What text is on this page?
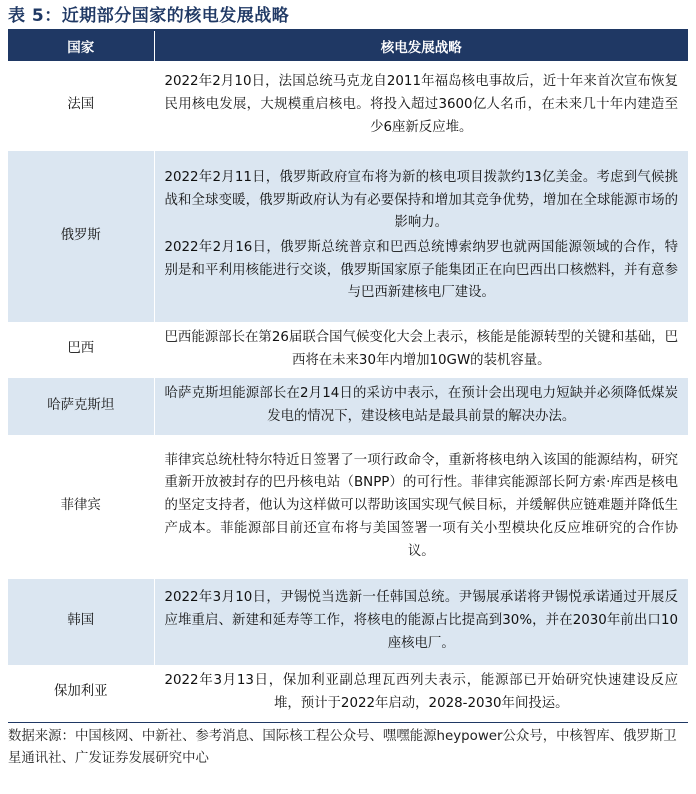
表 5：近期部分国家的核电发展战略
国家	核电发展战略
法国	2022年2月10日，法国总统马克龙自2011年福岛核电事故后，近十年来首次宣布恢复民用核电发展，大规模重启核电。将投入超过3600亿人名币，在未来几十年内建造至少6座新反应堆。

俄罗斯	2022年2月11日，俄罗斯政府宣布将为新的核电项目拨款约13亿美金。考虑到气候挑战和全球变暖，俄罗斯政府认为有必要保持和增加其竞争优势，增加在全球能源市场的影响力。

2022年2月16日，俄罗斯总统普京和巴西总统博索纳罗也就两国能源领域的合作，特别是和平利用核能进行交谈，俄罗斯国家原子能集团正在向巴西出口核燃料，并有意参与巴西新建核电厂建设。

巴西	巴西能源部长在第26届联合国气候变化大会上表示，核能是能源转型的关键和基础，巴西将在未来30年内增加10GW的装机容量。

哈萨克斯坦	哈萨克斯坦能源部长在2月14日的采访中表示，在预计会出现电力短缺并必须降低煤炭发电的情况下，建设核电站是最具前景的解决办法。

菲律宾	菲律宾总统杜特尔特近日签署了一项行政命令，重新将核电纳入该国的能源结构，研究重新开放被封存的巴丹核电站（BNPP）的可行性。菲律宾能源部长阿方索·库西是核电的坚定支持者，他认为这样做可以帮助该国实现气候目标，并缓解供应链难题并降低生产成本。菲能源部目前还宣布将与美国签署一项有关小型模块化反应堆研究的合作协议。

韩国	2022年3月10日，尹锡悦当选新一任韩国总统。尹锡展承诺将尹锡悦承诺通过开展反应堆重启、新建和延寿等工作，将核电的能源占比提高到30%，并在2030年前出口10座核电厂。

保加利亚	2022年3月13日，保加利亚副总理瓦西列夫表示，能源部已开始研究快速建设反应堆，预计于2022年启动，2028-2030年间投运。

数据来源：中国核网、中新社、参考消息、国际核工程公众号、嘿嘿能源heypower公众号，中核智库、俄罗斯卫星通讯社、广发证券发展研究中心
